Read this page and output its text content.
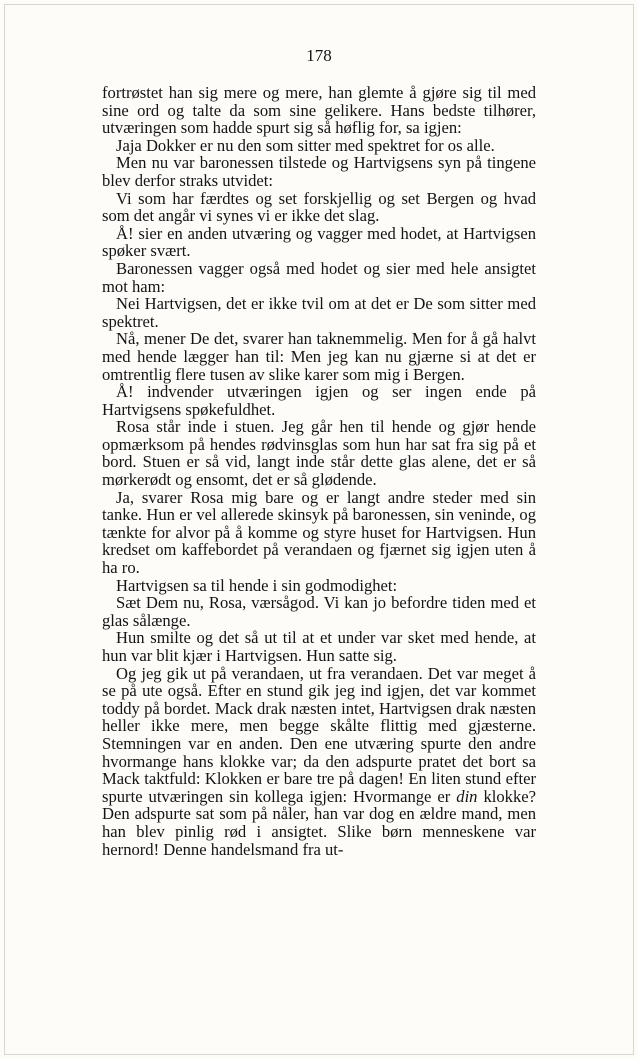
178

fortrøstet han sig mere og mere, han glemte å gjøre sig til med sine ord og talte da som sine gelikere. Hans bedste tilhører, utværingen som hadde spurt sig så høflig for, sa igjen:

Jaja Dokker er nu den som sitter med spektret for os alle.

Men nu var baronessen tilstede og Hartvigsens syn på tingene blev derfor straks utvidet:

Vi som har færdtes og set forskjellig og set Bergen og hvad som det angår vi synes vi er ikke det slag.

Å! sier en anden utværing og vagger med hodet, at Hartvigsen spøker svært.

Baronessen vagger også med hodet og sier med hele ansigtet mot ham:

Nei Hartvigsen, det er ikke tvil om at det er De som sitter med spektret.

Nå, mener De det, svarer han taknemmelig. Men for å gå halvt med hende lægger han til: Men jeg kan nu gjærne si at det er omtrentlig flere tusen av slike karer som mig i Bergen.

Å! indvender utværingen igjen og ser ingen ende på Hartvigsens spøkefuldhet.

Rosa står inde i stuen. Jeg går hen til hende og gjør hende opmærksom på hendes rødvinsglas som hun har sat fra sig på et bord. Stuen er så vid, langt inde står dette glas alene, det er så mørkerødt og ensomt, det er så glødende.

Ja, svarer Rosa mig bare og er langt andre steder med sin tanke. Hun er vel allerede skinsyk på baronessen, sin veninde, og tænkte for alvor på å komme og styre huset for Hartvigsen. Hun kredset om kaffebordet på verandaen og fjærnet sig igjen uten å ha ro.

Hartvigsen sa til hende i sin godmodighet:

Sæt Dem nu, Rosa, værsågod. Vi kan jo befordre tiden med et glas sålænge.

Hun smilte og det så ut til at et under var sket med hende, at hun var blit kjær i Hartvigsen. Hun satte sig.

Og jeg gik ut på verandaen, ut fra verandaen. Det var meget å se på ute også. Efter en stund gik jeg ind igjen, det var kommet toddy på bordet. Mack drak næsten intet, Hartvigsen drak næsten heller ikke mere, men begge skålte flittig med gjæsterne. Stemningen var en anden. Den ene utværing spurte den andre hvormange hans klokke var; da den adspurte pratet det bort sa Mack taktfuld: Klokken er bare tre på dagen! En liten stund efter spurte utværingen sin kollega igjen: Hvormange er din klokke? Den adspurte sat som på nåler, han var dog en ældre mand, men han blev pinlig rød i ansigtet. Slike børn menneskene var hernord! Denne handelsmand fra ut-
